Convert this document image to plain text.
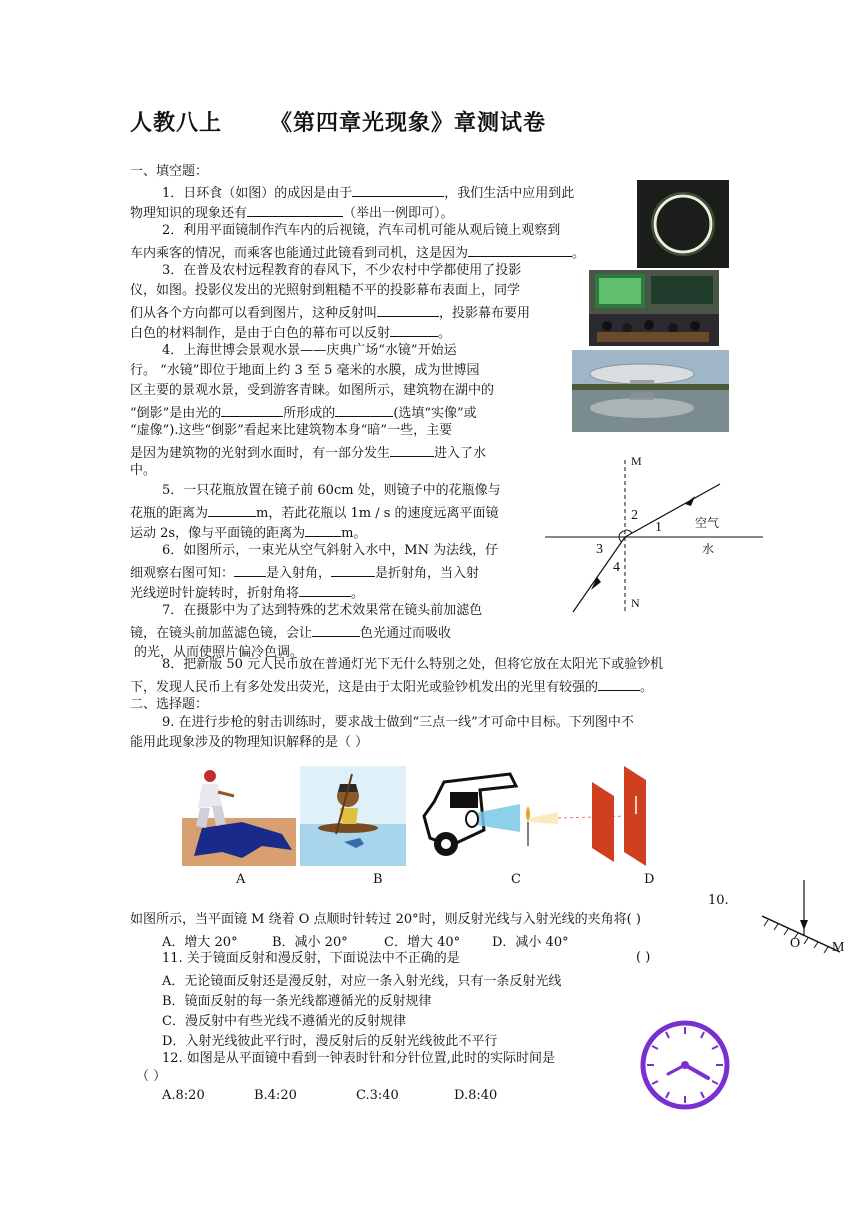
人教八上 《第四章光现象》章测试卷
一、填空题：
1．日环食（如图）的成因是由于	，我们生活中应用到此
物理知识的现象还有	（举出一例即可）。
2．利用平面镜制作汽车内的后视镜，汽车司机可能从观后镜上观察到
车内乘客的情况，而乘客也能通过此镜看到司机，这是因为	。
3．在普及农村远程教育的春风下，不少农村中学都使用了投影
仪，如图。投影仪发出的光照射到粗糙不平的投影幕布表面上，同学
们从各个方向都可以看到图片，这种反射叫	，投影幕布要用
白色的材料制作，是由于白色的幕布可以反射	。
4．上海世博会景观水景——庆典广场“水镜”开始运
行。 “水镜”即位于地面上约 3 至 5 毫米的水膜，成为世博园
区主要的景观水景，受到游客青睐。如图所示，建筑物在湖中的
“倒影”是由光的	所形成的	(选填“实像”或
“虚像”).这些“倒影”看起来比建筑物本身“暗”一些，主要
是因为建筑物的光射到水面时，有一部分发生	进入了水
中。
5．一只花瓶放置在镜子前 60cm 处，则镜子中的花瓶像与
花瓶的距离为	m，若此花瓶以 1m / s 的速度远离平面镜
运动 2s，像与平面镜的距离为	m。
6．如图所示，一束光从空气斜射入水中，MN 为法线，仔
细观察右图可知： 是入射角，	是折射角，当入射
光线逆时针旋转时，折射角将	。
7．在摄影中为了达到特殊的艺术效果常在镜头前加滤色
镜，在镜头前加蓝滤色镜，会让	色光通过而吸收
的光，从而使照片偏冷色调。
M
N
2
1
3
4
空气
水
8．把新版 50 元人民币放在普通灯光下无什么特别之处，但将它放在太阳光下或验钞机
下，发现人民币上有多处发出荧光，这是由于太阳光或验钞机发出的光里有较强的	。
二、选择题：
9. 在进行步枪的射击训练时，要求战士做到“三点一线”才可命中目标。下列图中不
能用此现象涉及的物理知识解释的是（ ）
A	B	C	D
10.
如图所示，当平面镜 M 绕着 O 点顺时针转过 20°时，则反射光线与入射光线的夹角将( )
A．增大 20°	B．减小 20°	C．增大 40° D．减小 40°	O M
11. 关于镜面反射和漫反射，下面说法中不正确的是	( )
A．无论镜面反射还是漫反射，对应一条入射光线，只有一条反射光线
B．镜面反射的每一条光线都遵循光的反射规律
C．漫反射中有些光线不遵循光的反射规律
D．入射光线彼此平行时，漫反射后的反射光线彼此不平行
12. 如图是从平面镜中看到一钟表时针和分针位置,此时的实际时间是
（ ）
A.8:20	B.4:20	C.3:40	D.8:40
